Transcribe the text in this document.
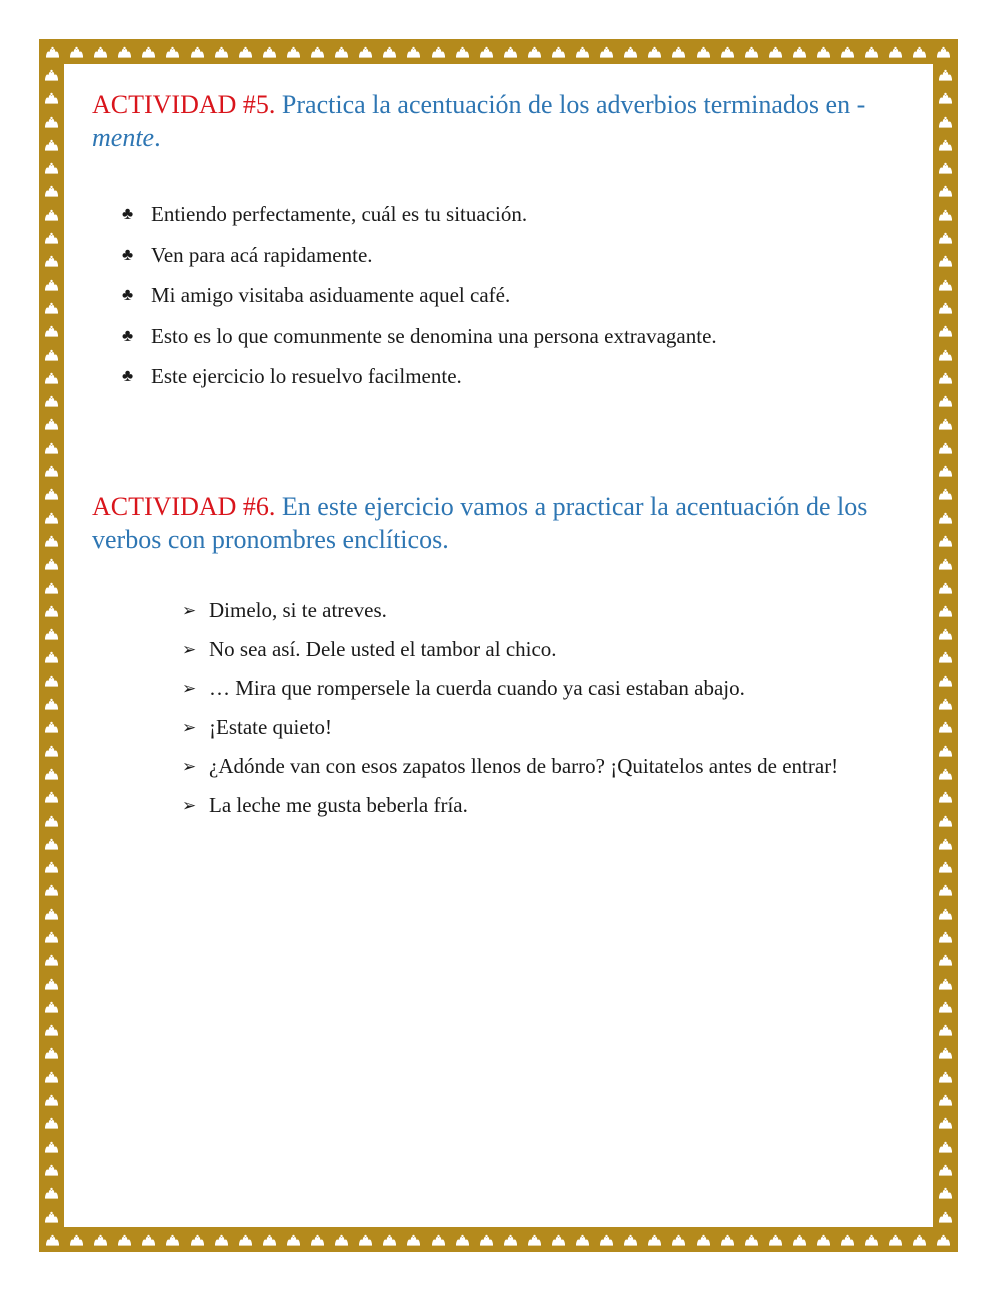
ACTIVIDAD #5. Practica la acentuación de los adverbios terminados en -mente.

♣ Entiendo perfectamente, cuál es tu situación.
♣ Ven para acá rapidamente.
♣ Mi amigo visitaba asiduamente aquel café.
♣ Esto es lo que comunmente se denomina una persona extravagante.
♣ Este ejercicio lo resuelvo facilmente.

ACTIVIDAD #6. En este ejercicio vamos a practicar la acentuación de los verbos con pronombres enclíticos.

➢ Dimelo, si te atreves.
➢ No sea así. Dele usted el tambor al chico.
➢ … Mira que rompersele la cuerda cuando ya casi estaban abajo.
➢ ¡Estate quieto!
➢ ¿Adónde van con esos zapatos llenos de barro? ¡Quitatelos antes de entrar!
➢ La leche me gusta beberla fría.
